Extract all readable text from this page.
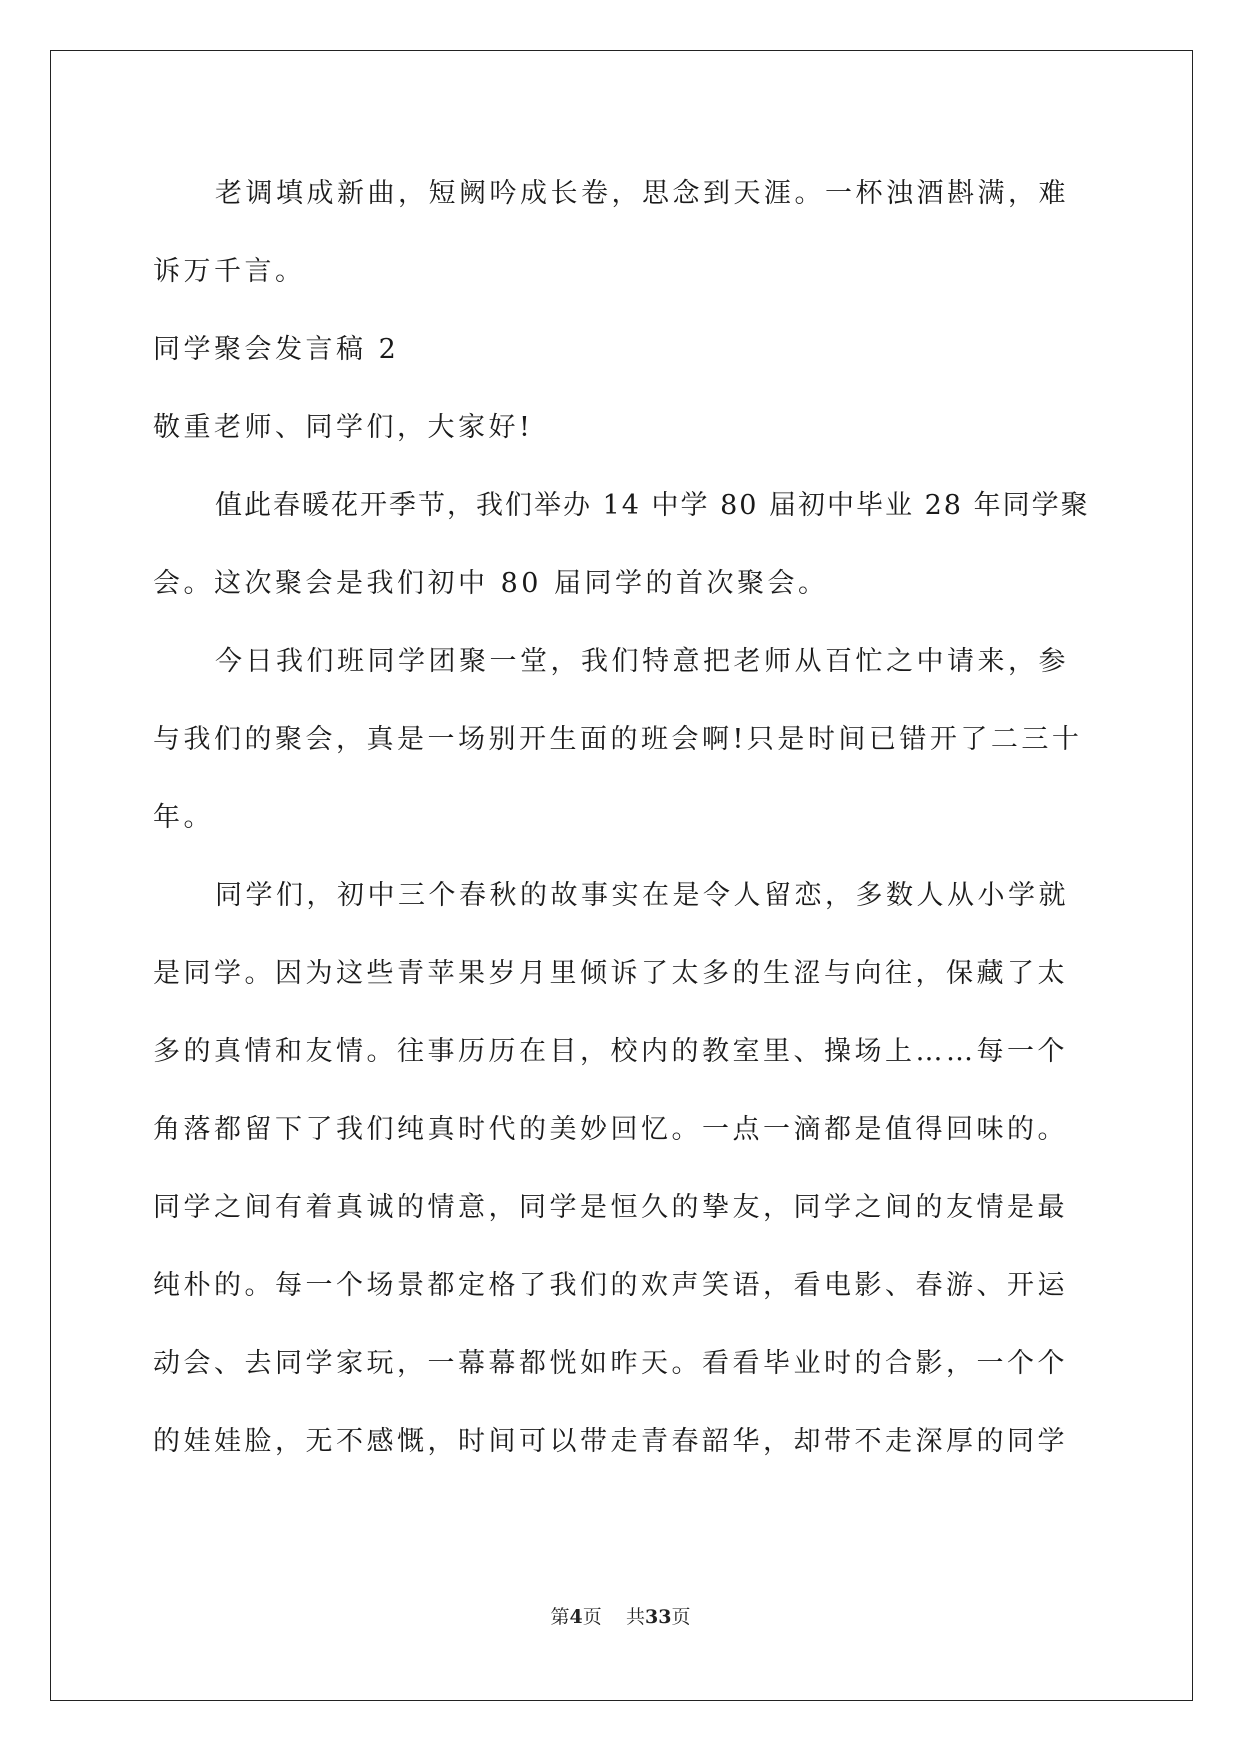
老调填成新曲，短阙吟成长卷，思念到天涯。一杯浊酒斟满，难
诉万千言。
同学聚会发言稿 2
敬重老师、同学们，大家好!
值此春暖花开季节，我们举办 14 中学 80 届初中毕业 28 年同学聚
会。这次聚会是我们初中 80 届同学的首次聚会。
今日我们班同学团聚一堂，我们特意把老师从百忙之中请来，参
与我们的聚会，真是一场别开生面的班会啊!只是时间已错开了二三十
年。
同学们，初中三个春秋的故事实在是令人留恋，多数人从小学就
是同学。因为这些青苹果岁月里倾诉了太多的生涩与向往，保藏了太
多的真情和友情。往事历历在目，校内的教室里、操场上……每一个
角落都留下了我们纯真时代的美妙回忆。一点一滴都是值得回味的。
同学之间有着真诚的情意，同学是恒久的挚友，同学之间的友情是最
纯朴的。每一个场景都定格了我们的欢声笑语，看电影、春游、开运
动会、去同学家玩，一幕幕都恍如昨天。看看毕业时的合影，一个个
的娃娃脸，无不感慨，时间可以带走青春韶华，却带不走深厚的同学
第4页 共33页
